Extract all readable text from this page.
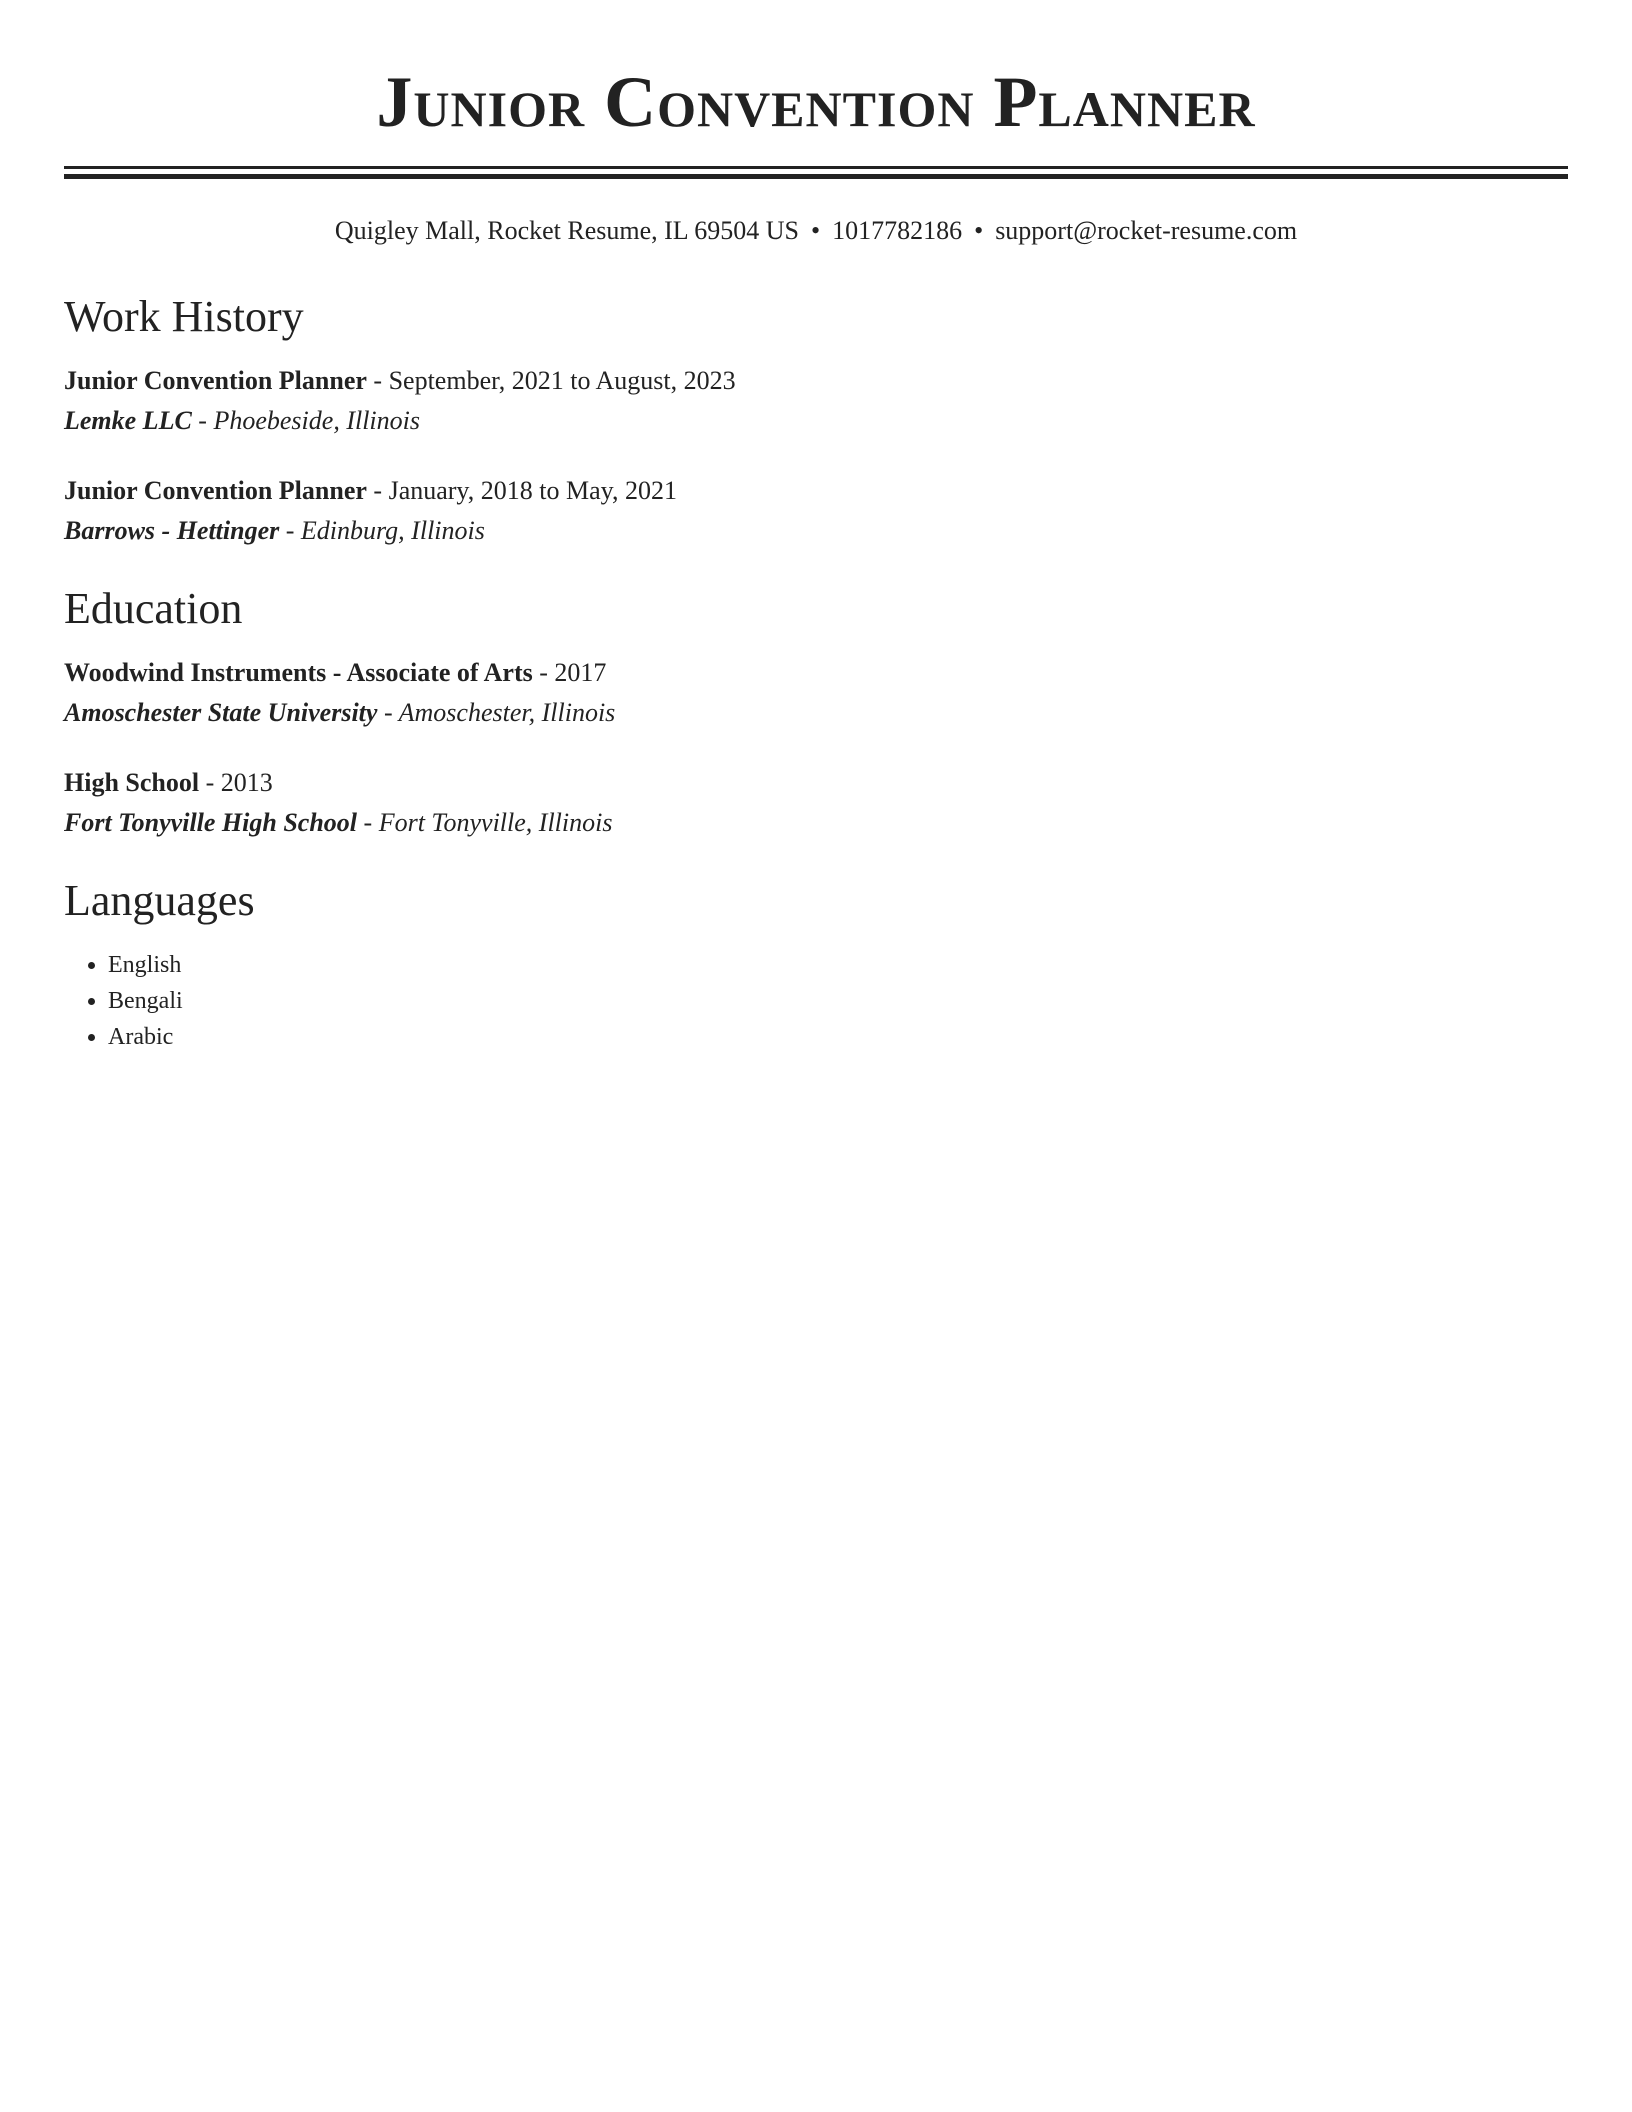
Junior Convention Planner
Quigley Mall, Rocket Resume, IL 69504 US • 1017782186 • support@rocket-resume.com
Work History
Junior Convention Planner - September, 2021 to August, 2023
Lemke LLC - Phoebeside, Illinois
Junior Convention Planner - January, 2018 to May, 2021
Barrows - Hettinger - Edinburg, Illinois
Education
Woodwind Instruments - Associate of Arts - 2017
Amoschester State University - Amoschester, Illinois
High School - 2013
Fort Tonyville High School - Fort Tonyville, Illinois
Languages
• English
• Bengali
• Arabic
